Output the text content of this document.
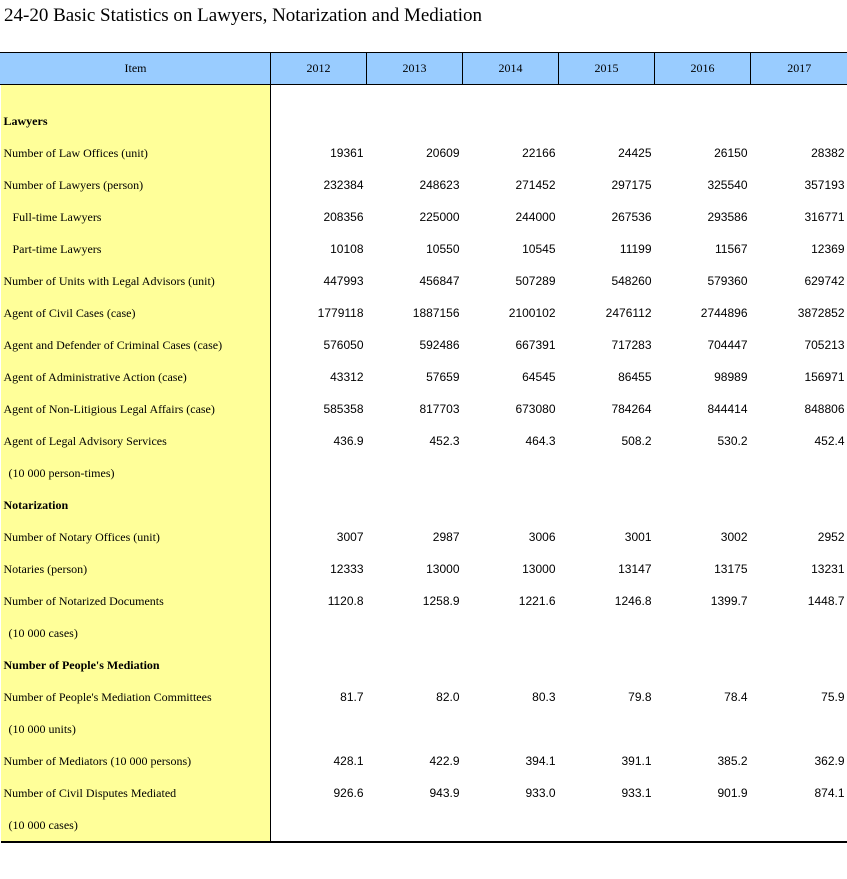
24-20 Basic Statistics on Lawyers, Notarization and Mediation
Item	2012	2013	2014	2015	2016	2017

Lawyers						
Number of Law Offices (unit)	19361	20609	22166	24425	26150	28382
Number of Lawyers (person)	232384	248623	271452	297175	325540	357193
Full-time Lawyers	208356	225000	244000	267536	293586	316771
Part-time Lawyers	10108	10550	10545	11199	11567	12369
Number of Units with Legal Advisors (unit)	447993	456847	507289	548260	579360	629742
Agent of Civil Cases (case)	1779118	1887156	2100102	2476112	2744896	3872852
Agent and Defender of Criminal Cases (case)	576050	592486	667391	717283	704447	705213
Agent of Administrative Action (case)	43312	57659	64545	86455	98989	156971
Agent of Non-Litigious Legal Affairs (case)	585358	817703	673080	784264	844414	848806
Agent of Legal Advisory Services	436.9	452.3	464.3	508.2	530.2	452.4
(10 000 person-times)						
Notarization						
Number of Notary Offices (unit)	3007	2987	3006	3001	3002	2952
Notaries (person)	12333	13000	13000	13147	13175	13231
Number of Notarized Documents	1120.8	1258.9	1221.6	1246.8	1399.7	1448.7
(10 000 cases)						
Number of People's Mediation						
Number of People's Mediation Committees	81.7	82.0	80.3	79.8	78.4	75.9
(10 000 units)						
Number of Mediators (10 000 persons)	428.1	422.9	394.1	391.1	385.2	362.9
Number of Civil Disputes Mediated	926.6	943.9	933.0	933.1	901.9	874.1
(10 000 cases)						
